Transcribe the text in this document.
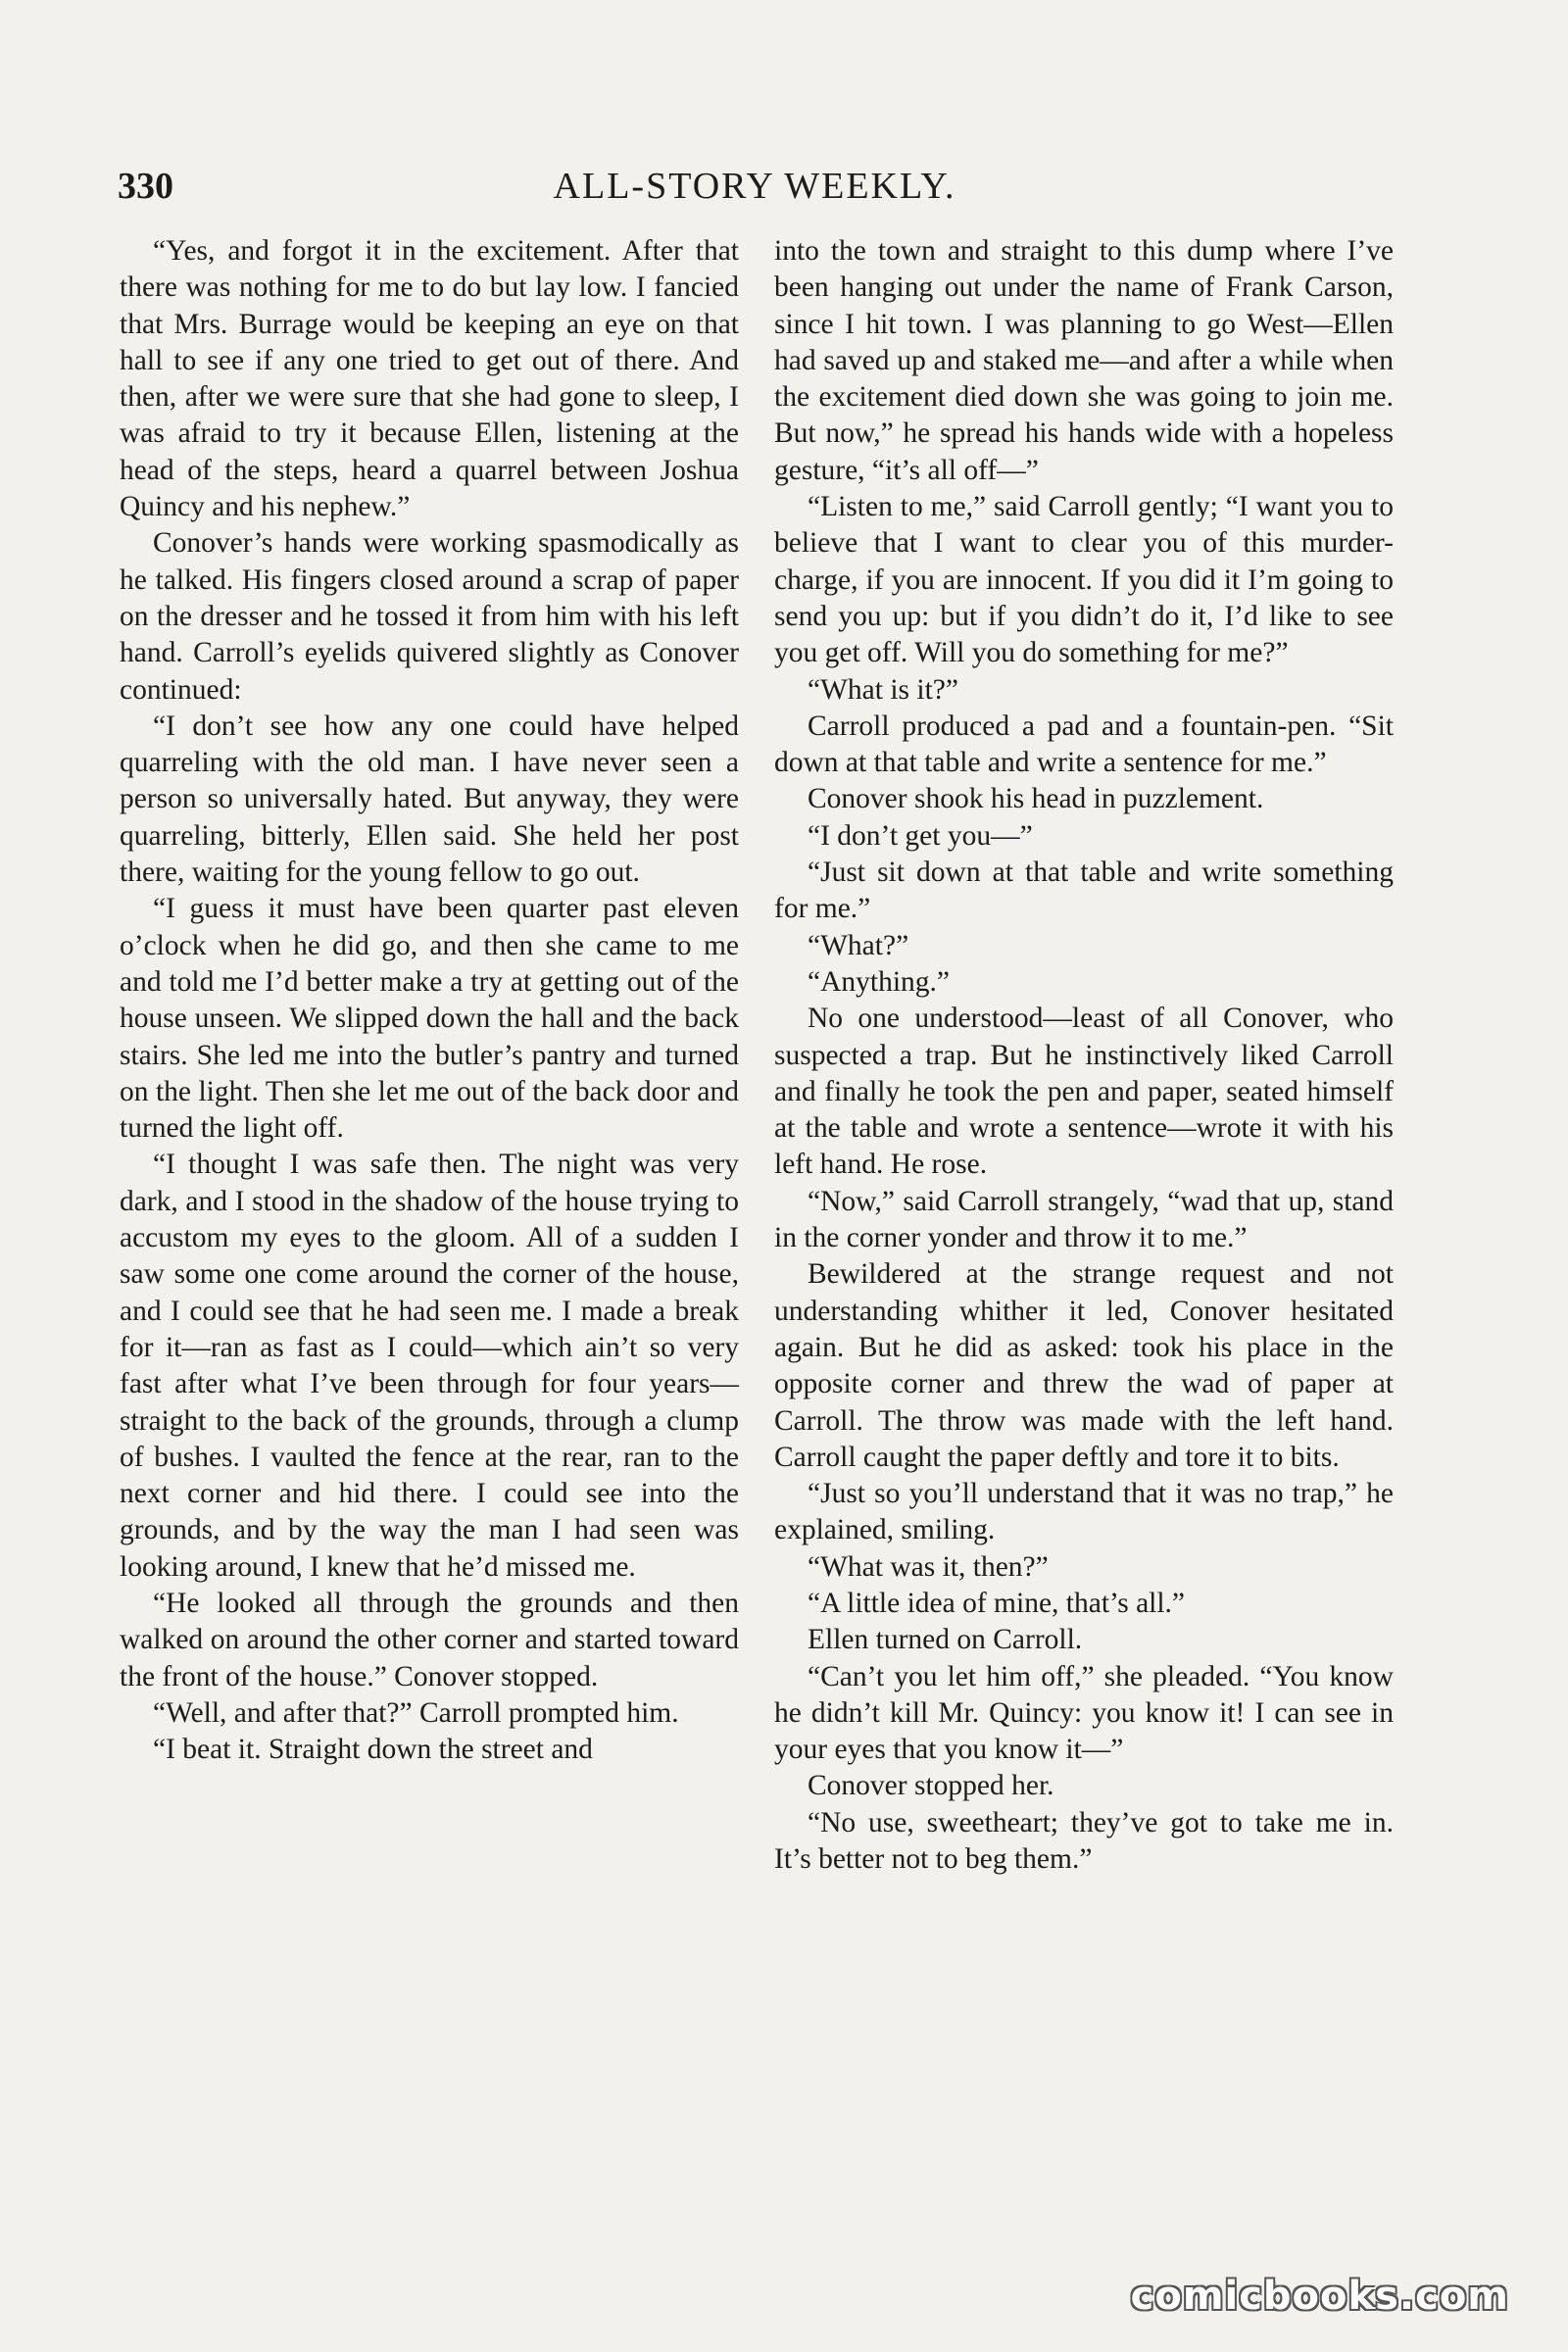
330	ALL-STORY WEEKLY.

“Yes, and forgot it in the excitement. After that there was nothing for me to do but lay low. I fancied that Mrs. Burrage would be keeping an eye on that hall to see if any one tried to get out of there. And then, after we were sure that she had gone to sleep, I was afraid to try it because Ellen, listening at the head of the steps, heard a quarrel between Joshua Quincy and his nephew.”

Conover’s hands were working spasmodically as he talked. His fingers closed around a scrap of paper on the dresser and he tossed it from him with his left hand. Carroll’s eyelids quivered slightly as Conover continued:

“I don’t see how any one could have helped quarreling with the old man. I have never seen a person so universally hated. But anyway, they were quarreling, bitterly, Ellen said. She held her post there, waiting for the young fellow to go out.

“I guess it must have been quarter past eleven o’clock when he did go, and then she came to me and told me I’d better make a try at getting out of the house unseen. We slipped down the hall and the back stairs. She led me into the butler’s pantry and turned on the light. Then she let me out of the back door and turned the light off.

“I thought I was safe then. The night was very dark, and I stood in the shadow of the house trying to accustom my eyes to the gloom. All of a sudden I saw some one come around the corner of the house, and I could see that he had seen me. I made a break for it—ran as fast as I could—which ain’t so very fast after what I’ve been through for four years—straight to the back of the grounds, through a clump of bushes. I vaulted the fence at the rear, ran to the next corner and hid there. I could see into the grounds, and by the way the man I had seen was looking around, I knew that he’d missed me.

“He looked all through the grounds and then walked on around the other corner and started toward the front of the house.” Conover stopped.

“Well, and after that?” Carroll prompted him.

“I beat it. Straight down the street and

into the town and straight to this dump where I’ve been hanging out under the name of Frank Carson, since I hit town. I was planning to go West—Ellen had saved up and staked me—and after a while when the excitement died down she was going to join me. But now,” he spread his hands wide with a hopeless gesture, “it’s all off—”

“Listen to me,” said Carroll gently; “I want you to believe that I want to clear you of this murder-charge, if you are innocent. If you did it I’m going to send you up: but if you didn’t do it, I’d like to see you get off. Will you do something for me?”

“What is it?”

Carroll produced a pad and a fountain-pen. “Sit down at that table and write a sentence for me.”

Conover shook his head in puzzlement.

“I don’t get you—”

“Just sit down at that table and write something for me.”

“What?”

“Anything.”

No one understood—least of all Conover, who suspected a trap. But he instinctively liked Carroll and finally he took the pen and paper, seated himself at the table and wrote a sentence—wrote it with his left hand. He rose.

“Now,” said Carroll strangely, “wad that up, stand in the corner yonder and throw it to me.”

Bewildered at the strange request and not understanding whither it led, Conover hesitated again. But he did as asked: took his place in the opposite corner and threw the wad of paper at Carroll. The throw was made with the left hand. Carroll caught the paper deftly and tore it to bits.

“Just so you’ll understand that it was no trap,” he explained, smiling.

“What was it, then?”

“A little idea of mine, that’s all.”

Ellen turned on Carroll.

“Can’t you let him off,” she pleaded. “You know he didn’t kill Mr. Quincy: you know it! I can see in your eyes that you know it—”

Conover stopped her.

“No use, sweetheart; they’ve got to take me in. It’s better not to beg them.”

comicbooks.com
